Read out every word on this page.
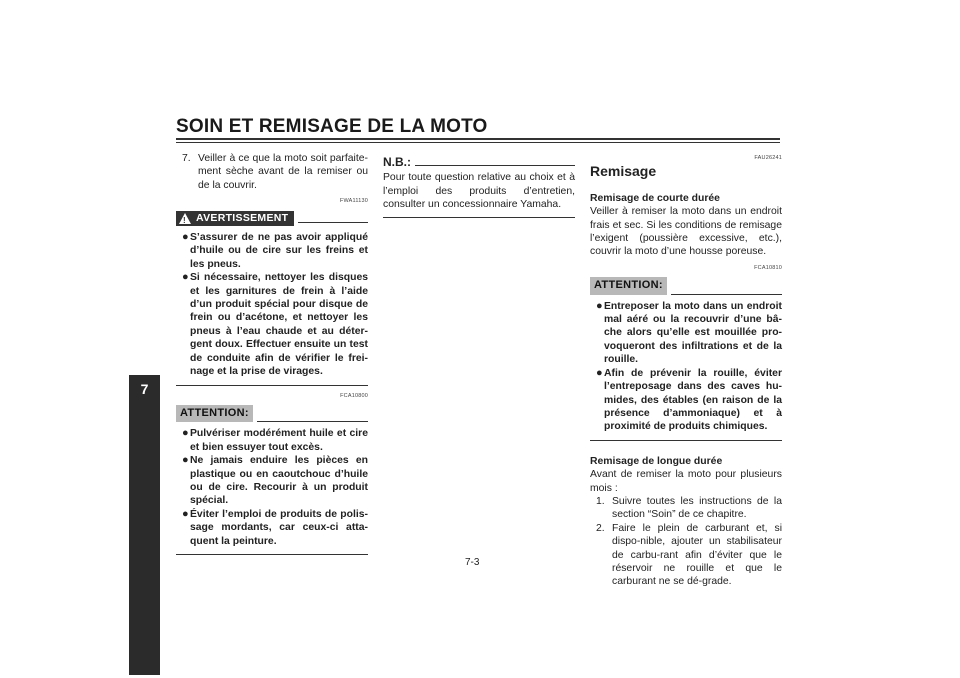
SOIN ET REMISAGE DE LA MOTO
7
7. Veiller à ce que la moto soit parfaite-ment sèche avant de la remiser ou de la couvrir.
FWA11130
!
AVERTISSEMENT
● S’assurer de ne pas avoir appliqué d’huile ou de cire sur les freins et les pneus.
● Si nécessaire, nettoyer les disques et les garnitures de frein à l’aide d’un produit spécial pour disque de frein ou d’acétone, et nettoyer les pneus à l’eau chaude et au déter-gent doux. Effectuer ensuite un test de conduite afin de vérifier le frei-nage et la prise de virages.
FCA10800
ATTENTION:
● Pulvériser modérément huile et cire et bien essuyer tout excès.
● Ne jamais enduire les pièces en plastique ou en caoutchouc d’huile ou de cire. Recourir à un produit spécial.
● Éviter l’emploi de produits de polis-sage mordants, car ceux-ci atta-quent la peinture.
N.B.:
Pour toute question relative au choix et à l’emploi des produits d’entretien, consulter un concessionnaire Yamaha.
FAU26241
Remisage
Remisage de courte durée
Veiller à remiser la moto dans un endroit frais et sec. Si les conditions de remisage l’exigent (poussière excessive, etc.), couvrir la moto d’une housse poreuse.
FCA10810
ATTENTION:
● Entreposer la moto dans un endroit mal aéré ou la recouvrir d’une bâ-che alors qu’elle est mouillée pro-voqueront des infiltrations et de la rouille.
● Afin de prévenir la rouille, éviter l’entreposage dans des caves hu-mides, des étables (en raison de la présence d’ammoniaque) et à proximité de produits chimiques.
Remisage de longue durée
Avant de remiser la moto pour plusieurs mois :
1. Suivre toutes les instructions de la section “Soin” de ce chapitre.
2. Faire le plein de carburant et, si dispo-nible, ajouter un stabilisateur de carbu-rant afin d’éviter que le réservoir ne rouille et que le carburant ne se dé-grade.
7-3
